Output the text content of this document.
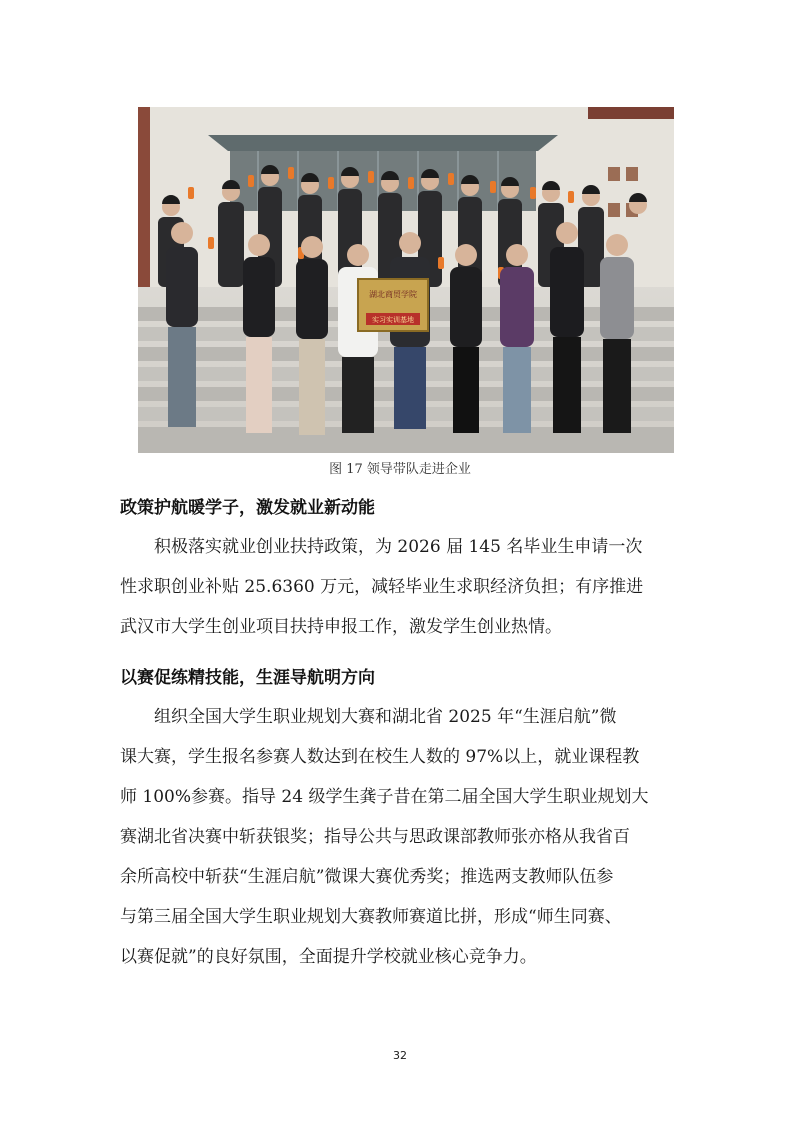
湖北商贸学院
实习实训基地
图 17 领导带队走进企业
政策护航暖学子，激发就业新动能

积极落实就业创业扶持政策，为 2026 届 145 名毕业生申请一次

性求职创业补贴 25.6360 万元，减轻毕业生求职经济负担；有序推进

武汉市大学生创业项目扶持申报工作，激发学生创业热情。

以赛促练精技能，生涯导航明方向

组织全国大学生职业规划大赛和湖北省 2025 年“生涯启航”微

课大赛，学生报名参赛人数达到在校生人数的 97%以上，就业课程教

师 100%参赛。指导 24 级学生龚子昔在第二届全国大学生职业规划大

赛湖北省决赛中斩获银奖；指导公共与思政课部教师张亦格从我省百

余所高校中斩获“生涯启航”微课大赛优秀奖；推选两支教师队伍参

与第三届全国大学生职业规划大赛教师赛道比拼，形成“师生同赛、

以赛促就”的良好氛围，全面提升学校就业核心竞争力。

32
